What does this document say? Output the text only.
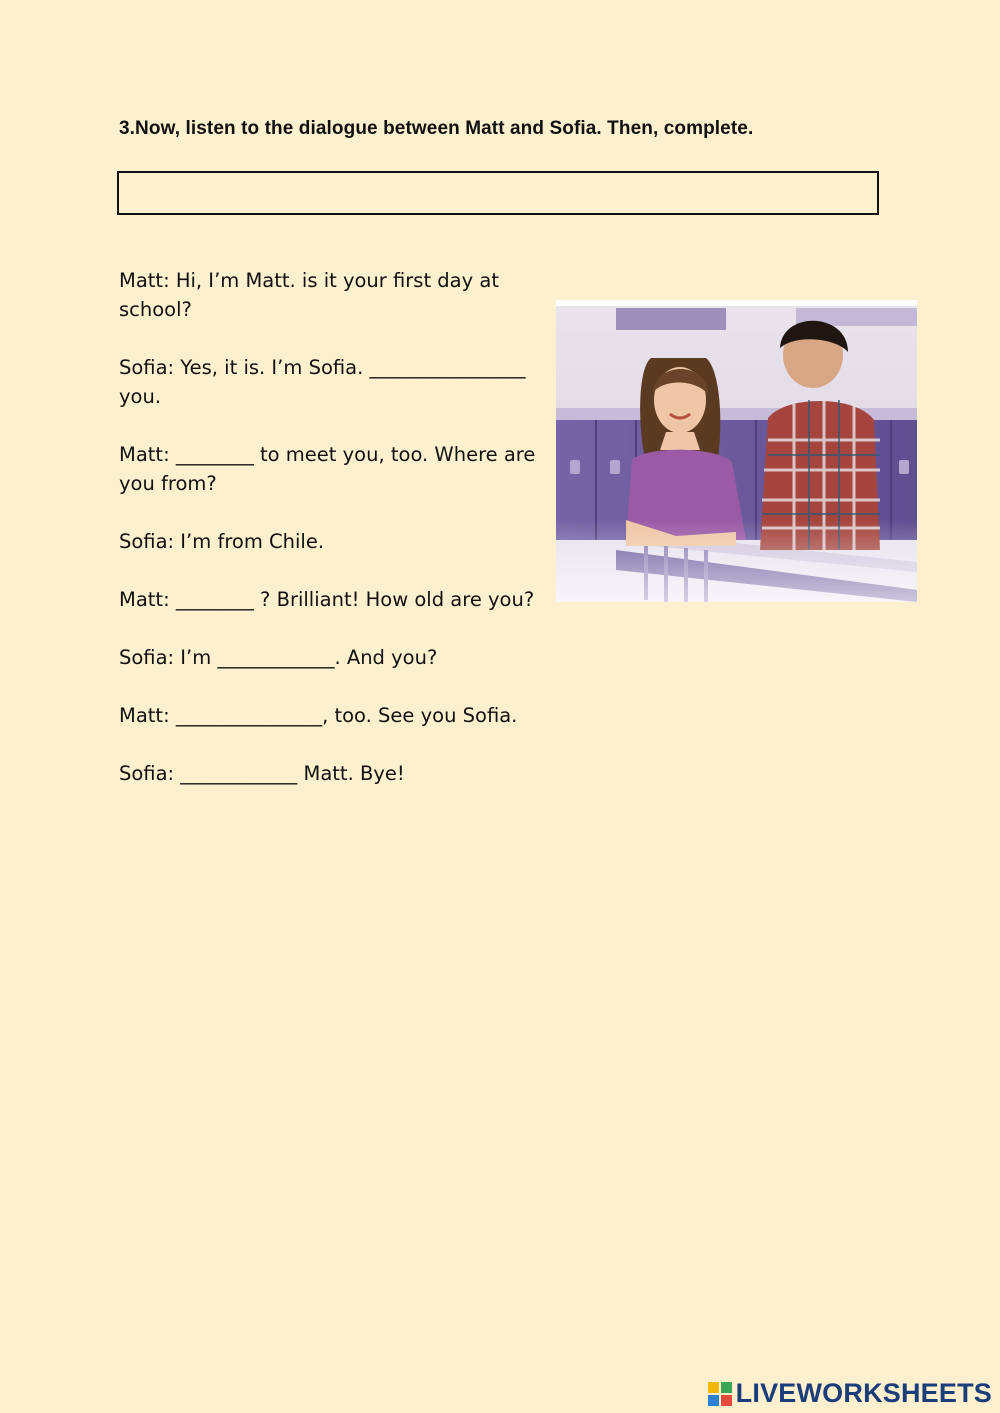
3.Now, listen to the dialogue between Matt and Sofia. Then, complete.

Matt: Hi, I’m Matt. is it your first day at school?

Sofia: Yes, it is. I’m Sofia. ________________  you.

Matt: ________ to meet you, too. Where are you from?

Sofia: I’m from Chile.

Matt: ________ ? Brilliant! How old are you?

Sofia: I’m ____________. And you?

Matt: _______________, too. See you Sofia.

Sofia: ____________ Matt. Bye!

LIVEWORKSHEETS
